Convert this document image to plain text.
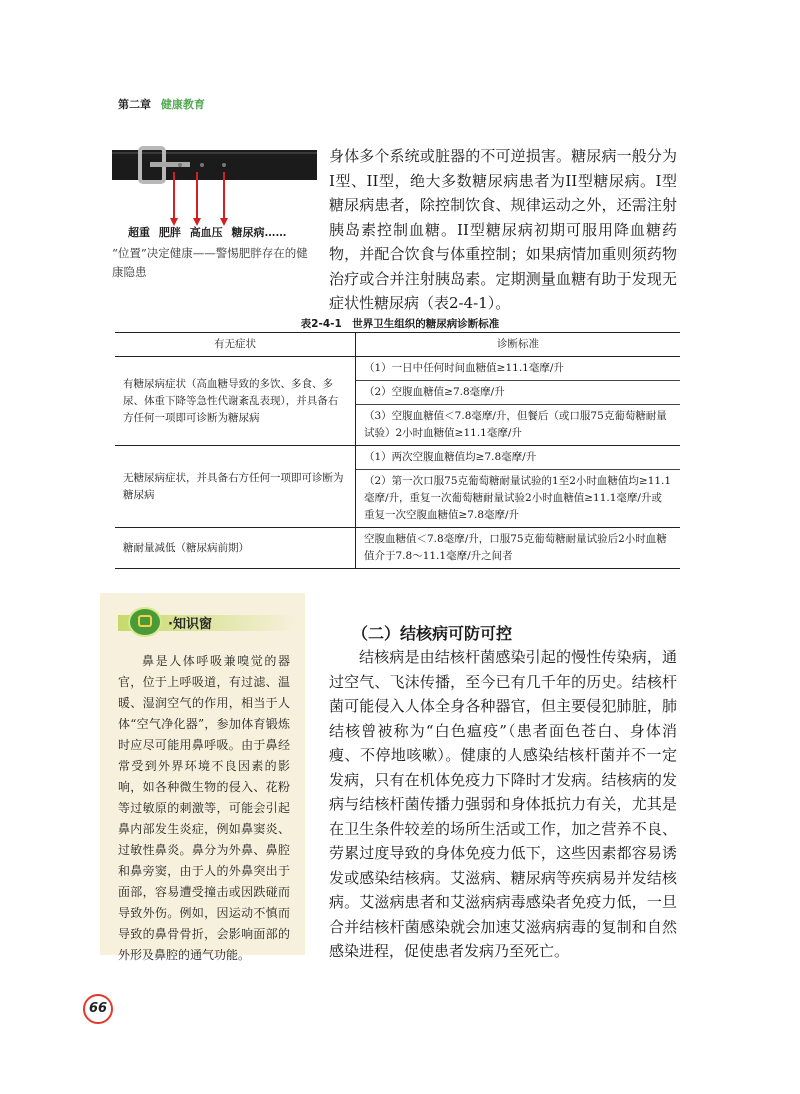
第二章 健康教育
超重 肥胖 高血压 糖尿病……
“位置”决定健康——警惕肥胖存在的健康隐患
身体多个系统或脏器的不可逆损害。糖尿病一般分为I型、II型，绝大多数糖尿病患者为II型糖尿病。I型糖尿病患者，除控制饮食、规律运动之外，还需注射胰岛素控制血糖。II型糖尿病初期可服用降血糖药物，并配合饮食与体重控制；如果病情加重则须药物治疗或合并注射胰岛素。定期测量血糖有助于发现无症状性糖尿病（表2-4-1）。
表2-4-1　世界卫生组织的糖尿病诊断标准
有无症状	诊断标准
有糖尿病症状（高血糖导致的多饮、多食、多尿、体重下降等急性代谢紊乱表现），并具备右方任何一项即可诊断为糖尿病	（1）一日中任何时间血糖值≥11.1毫摩/升
	（2）空腹血糖值≥7.8毫摩/升
	（3）空腹血糖值＜7.8毫摩/升，但餐后（或口服75克葡萄糖耐量试验）2小时血糖值≥11.1毫摩/升
无糖尿病症状，并具备右方任何一项即可诊断为糖尿病	（1）两次空腹血糖值均≥7.8毫摩/升
	（2）第一次口服75克葡萄糖耐量试验的1至2小时血糖值均≥11.1毫摩/升，重复一次葡萄糖耐量试验2小时血糖值≥11.1毫摩/升或重复一次空腹血糖值≥7.8毫摩/升
糖耐量减低（糖尿病前期）	空腹血糖值＜7.8毫摩/升，口服75克葡萄糖耐量试验后2小时血糖值介于7.8～11.1毫摩/升之间者
·知识窗
鼻是人体呼吸兼嗅觉的器官，位于上呼吸道，有过滤、温暖、湿润空气的作用，相当于人体“空气净化器”，参加体育锻炼时应尽可能用鼻呼吸。由于鼻经常受到外界环境不良因素的影响，如各种微生物的侵入、花粉等过敏原的刺激等，可能会引起鼻内部发生炎症，例如鼻窦炎、过敏性鼻炎。鼻分为外鼻、鼻腔和鼻旁窦，由于人的外鼻突出于面部，容易遭受撞击或因跌碰而导致外伤。例如，因运动不慎而导致的鼻骨骨折，会影响面部的外形及鼻腔的通气功能。
（二）结核病可防可控
结核病是由结核杆菌感染引起的慢性传染病，通过空气、飞沫传播，至今已有几千年的历史。结核杆菌可能侵入人体全身各种器官，但主要侵犯肺脏，肺结核曾被称为“白色瘟疫”（患者面色苍白、身体消瘦、不停地咳嗽）。健康的人感染结核杆菌并不一定发病，只有在机体免疫力下降时才发病。结核病的发病与结核杆菌传播力强弱和身体抵抗力有关，尤其是在卫生条件较差的场所生活或工作，加之营养不良、劳累过度导致的身体免疫力低下，这些因素都容易诱发或感染结核病。艾滋病、糖尿病等疾病易并发结核病。艾滋病患者和艾滋病病毒感染者免疫力低，一旦合并结核杆菌感染就会加速艾滋病病毒的复制和自然感染进程，促使患者发病乃至死亡。
66
